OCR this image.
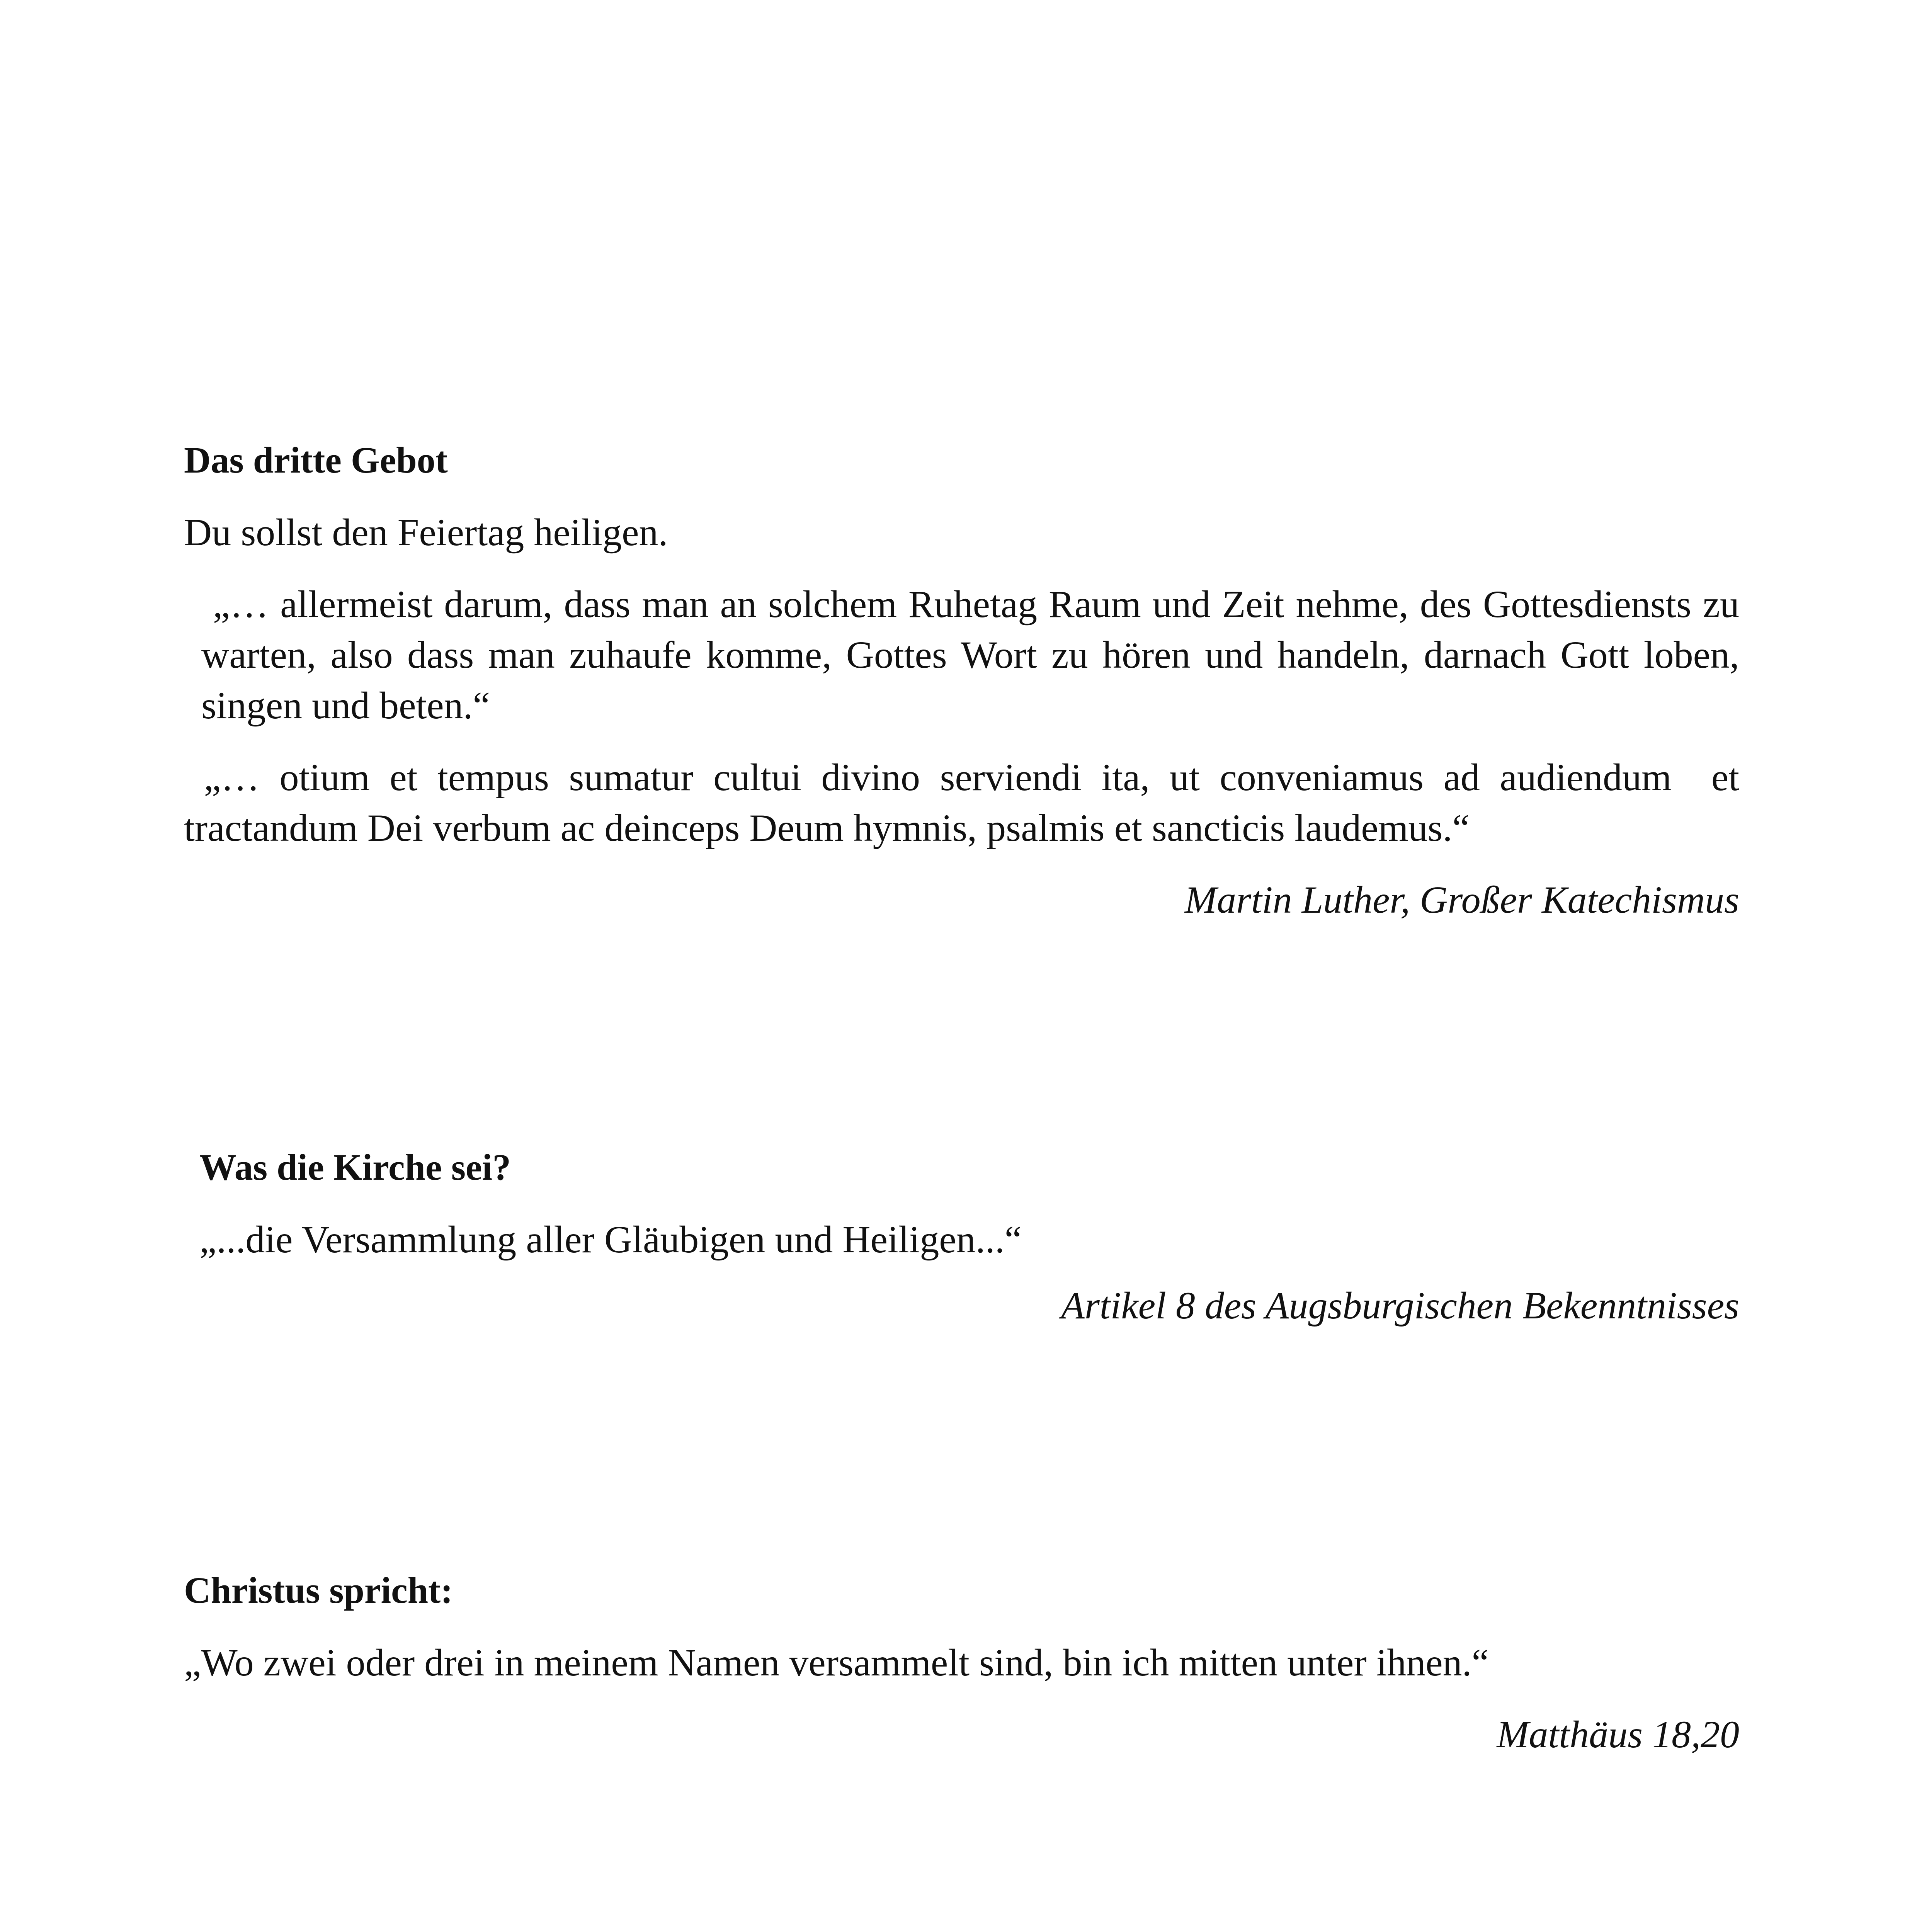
Das dritte Gebot

Du sollst den Feiertag heiligen.

„… allermeist darum, dass man an solchem Ruhetag Raum und Zeit nehme, des Gottesdiensts zu warten, also dass man zuhaufe komme, Gottes Wort zu hören und handeln, darnach Gott loben, singen und beten.“

„… otium et tempus sumatur cultui divino serviendi ita, ut conveniamus ad audiendum  et tractandum Dei verbum ac deinceps Deum hymnis, psalmis et sancticis laudemus.“

Martin Luther, Großer Katechismus

Was die Kirche sei?

„...die Versammlung aller Gläubigen und Heiligen...“

Artikel 8 des Augsburgischen Bekenntnisses

Christus spricht:

„Wo zwei oder drei in meinem Namen versammelt sind, bin ich mitten unter ihnen.“

Matthäus 18,20
